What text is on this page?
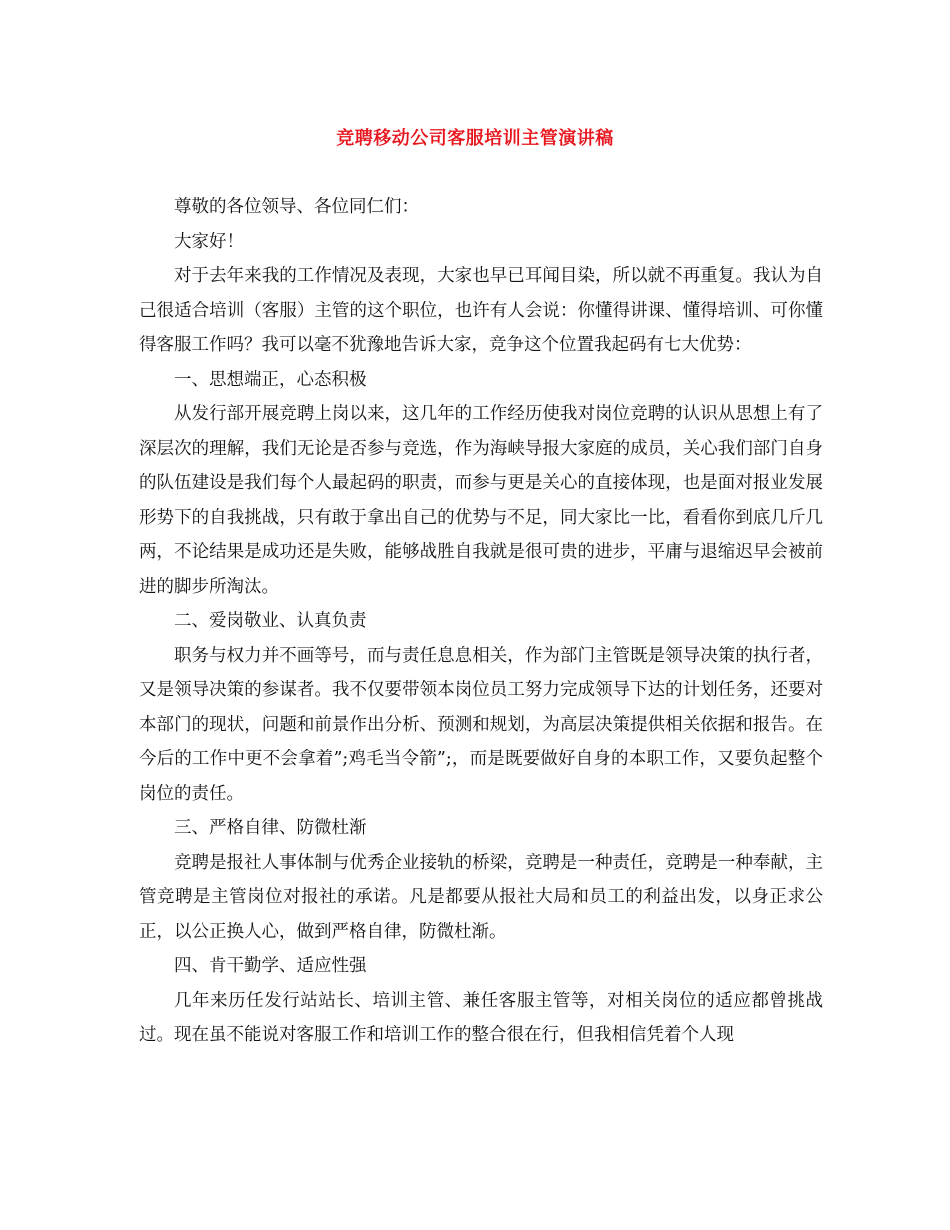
竞聘移动公司客服培训主管演讲稿

尊敬的各位领导、各位同仁们：

大家好！

对于去年来我的工作情况及表现，大家也早已耳闻目染，所以就不再重复。我认为自己很适合培训（客服）主管的这个职位，也许有人会说：你懂得讲课、懂得培训、可你懂得客服工作吗？我可以毫不犹豫地告诉大家，竞争这个位置我起码有七大优势：

一、思想端正，心态积极

从发行部开展竞聘上岗以来，这几年的工作经历使我对岗位竞聘的认识从思想上有了深层次的理解，我们无论是否参与竞选，作为海峡导报大家庭的成员，关心我们部门自身的队伍建设是我们每个人最起码的职责，而参与更是关心的直接体现，也是面对报业发展形势下的自我挑战，只有敢于拿出自己的优势与不足，同大家比一比，看看你到底几斤几两，不论结果是成功还是失败，能够战胜自我就是很可贵的进步，平庸与退缩迟早会被前进的脚步所淘汰。

二、爱岗敬业、认真负责

职务与权力并不画等号，而与责任息息相关，作为部门主管既是领导决策的执行者，又是领导决策的参谋者。我不仅要带领本岗位员工努力完成领导下达的计划任务，还要对本部门的现状，问题和前景作出分析、预测和规划，为高层决策提供相关依据和报告。在今后的工作中更不会拿着”;鸡毛当令箭”;，而是既要做好自身的本职工作，又要负起整个岗位的责任。

三、严格自律、防微杜渐

竞聘是报社人事体制与优秀企业接轨的桥梁，竞聘是一种责任，竞聘是一种奉献，主管竞聘是主管岗位对报社的承诺。凡是都要从报社大局和员工的利益出发，以身正求公正，以公正换人心，做到严格自律，防微杜渐。

四、肯干勤学、适应性强

几年来历任发行站站长、培训主管、兼任客服主管等，对相关岗位的适应都曾挑战过。现在虽不能说对客服工作和培训工作的整合很在行，但我相信凭着个人现
